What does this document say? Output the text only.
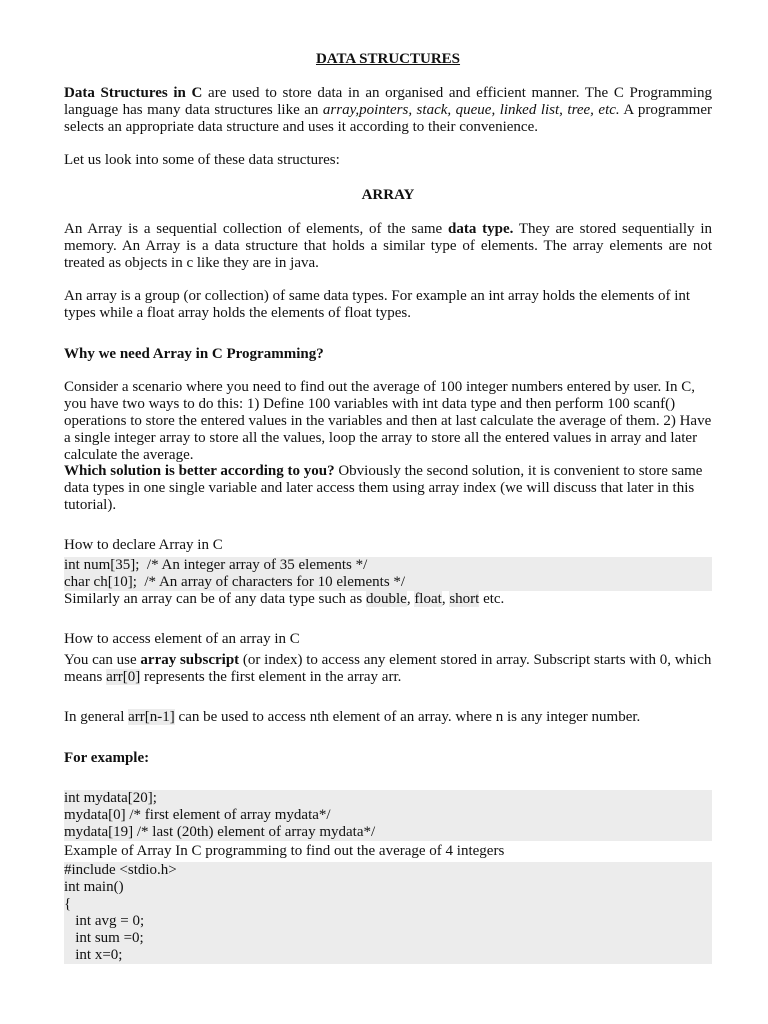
DATA STRUCTURES

Data Structures in C are used to store data in an organised and efficient manner. The C Programming language has many data structures like an array,pointers, stack, queue, linked list, tree, etc. A programmer selects an appropriate data structure and uses it according to their convenience.

Let us look into some of these data structures:

ARRAY

An Array is a sequential collection of elements, of the same data type. They are stored sequentially in memory. An Array is a data structure that holds a similar type of elements. The array elements are not treated as objects in c like they are in java.

An array is a group (or collection) of same data types. For example an int array holds the elements of int types while a float array holds the elements of float types.

Why we need Array in C Programming?

Consider a scenario where you need to find out the average of 100 integer numbers entered by user. In C, you have two ways to do this: 1) Define 100 variables with int data type and then perform 100 scanf() operations to store the entered values in the variables and then at last calculate the average of them. 2) Have a single integer array to store all the values, loop the array to store all the entered values in array and later calculate the average.

Which solution is better according to you? Obviously the second solution, it is convenient to store same data types in one single variable and later access them using array index (we will discuss that later in this tutorial).

How to declare Array in C

int num[35];  /* An integer array of 35 elements */
char ch[10];  /* An array of characters for 10 elements */

Similarly an array can be of any data type such as double, float, short etc.

How to access element of an array in C

You can use array subscript (or index) to access any element stored in array. Subscript starts with 0, which means arr[0] represents the first element in the array arr.

In general arr[n-1] can be used to access nth element of an array. where n is any integer number.

For example:

int mydata[20];
mydata[0] /* first element of array mydata*/
mydata[19] /* last (20th) element of array mydata*/

Example of Array In C programming to find out the average of 4 integers

#include <stdio.h>
int main()
{
int avg = 0;
int sum =0;
int x=0;
